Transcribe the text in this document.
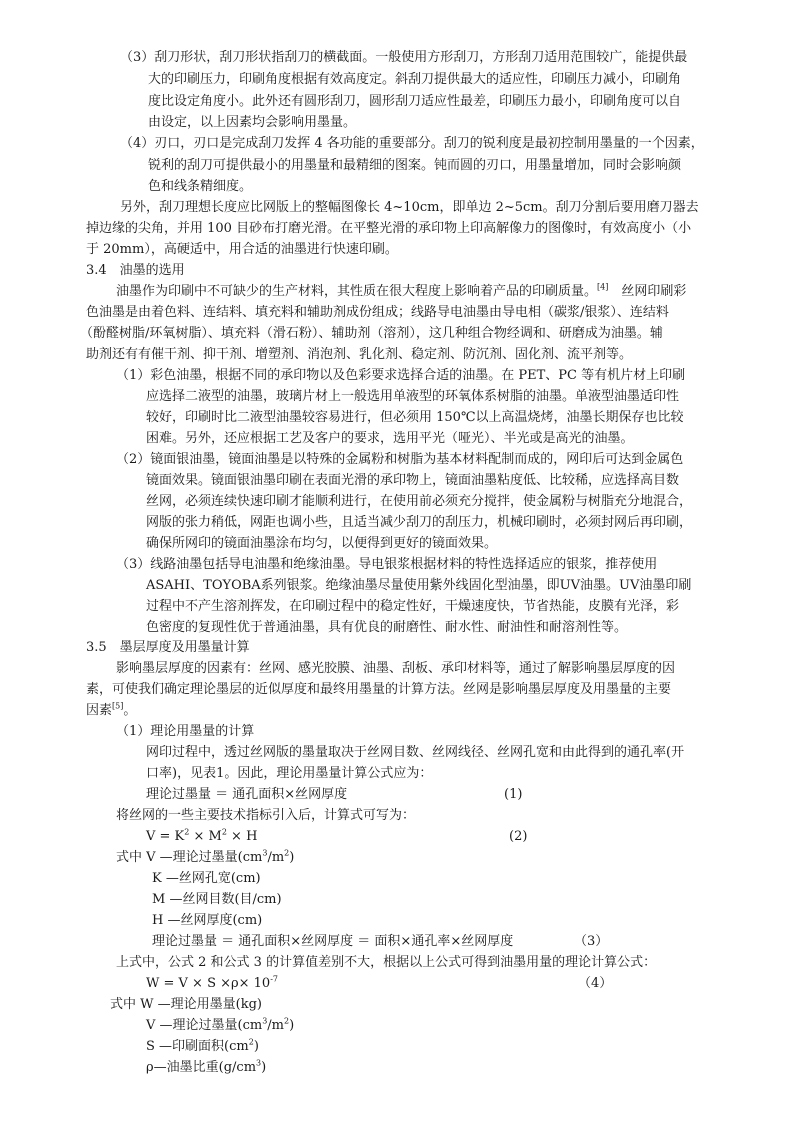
（3）刮刀形状，刮刀形状指刮刀的横截面。一般使用方形刮刀，方形刮刀适用范围较广，能提供最
大的印刷压力，印刷角度根据有效高度定。斜刮刀提供最大的适应性，印刷压力减小，印刷角
度比设定角度小。此外还有圆形刮刀，圆形刮刀适应性最差，印刷压力最小，印刷角度可以自
由设定，以上因素均会影响用墨量。
（4）刃口，刃口是完成刮刀发挥 4 各功能的重要部分。刮刀的锐利度是最初控制用墨量的一个因素，
锐利的刮刀可提供最小的用墨量和最精细的图案。钝而圆的刃口，用墨量增加，同时会影响颜
色和线条精细度。
另外，刮刀理想长度应比网版上的整幅图像长 4~10cm，即单边 2~5cm。刮刀分割后要用磨刀器去
掉边缘的尖角，并用 100 目砂布打磨光滑。在平整光滑的承印物上印高解像力的图像时，有效高度小（小
于 20mm），高硬适中，用合适的油墨进行快速印刷。
3.4　油墨的选用
油墨作为印刷中不可缺少的生产材料，其性质在很大程度上影响着产品的印刷质量。[4]　丝网印刷彩
色油墨是由着色料、连结料、填充料和辅助剂成份组成；线路导电油墨由导电相（碳浆/银浆）、连结料
（酚醛树脂/环氧树脂）、填充料（滑石粉）、辅助剂（溶剂），这几种组合物经调和、研磨成为油墨。辅
助剂还有有催干剂、抑干剂、增塑剂、消泡剂、乳化剂、稳定剂、防沉剂、固化剂、流平剂等。
（1）彩色油墨，根据不同的承印物以及色彩要求选择合适的油墨。在 PET、PC 等有机片材上印刷
应选择二液型的油墨，玻璃片材上一般选用单液型的环氧体系树脂的油墨。单液型油墨适印性
较好，印刷时比二液型油墨较容易进行，但必须用 150℃以上高温烧烤，油墨长期保存也比较
困难。另外，还应根据工艺及客户的要求，选用平光（哑光）、半光或是高光的油墨。
（2）镜面银油墨，镜面油墨是以特殊的金属粉和树脂为基本材料配制而成的，网印后可达到金属色
镜面效果。镜面银油墨印刷在表面光滑的承印物上，镜面油墨粘度低、比较稀，应选择高目数
丝网，必须连续快速印刷才能顺利进行，在使用前必须充分搅拌，使金属粉与树脂充分地混合，
网版的张力稍低，网距也调小些，且适当减少刮刀的刮压力，机械印刷时，必须封网后再印刷，
确保所网印的镜面油墨涂布均匀，以便得到更好的镜面效果。
（3）线路油墨包括导电油墨和绝缘油墨。导电银浆根据材料的特性选择适应的银浆，推荐使用
ASAHI、TOYOBA系列银浆。绝缘油墨尽量使用紫外线固化型油墨，即UV油墨。UV油墨印刷
过程中不产生溶剂挥发，在印刷过程中的稳定性好，干燥速度快，节省热能，皮膜有光泽，彩
色密度的复现性优于普通油墨，具有优良的耐磨性、耐水性、耐油性和耐溶剂性等。
3.5　墨层厚度及用墨量计算
影响墨层厚度的因素有：丝网、感光胶膜、油墨、刮板、承印材料等，通过了解影响墨层厚度的因
素，可使我们确定理论墨层的近似厚度和最终用墨量的计算方法。丝网是影响墨层厚度及用墨量的主要
因素[5]。
（1）理论用墨量的计算
网印过程中，透过丝网版的墨量取决于丝网目数、丝网线径、丝网孔宽和由此得到的通孔率(开
口率)，见表1。因此，理论用墨量计算公式应为：
理论过墨量 ＝ 通孔面积×丝网厚度	(1)
将丝网的一些主要技术指标引入后，计算式可写为：
$V = K^2 \times M^2 \times H$	(2)
式中 V —理论过墨量$(cm^3/m^2)$
K —丝网孔宽(cm)
M —丝网目数(目/cm)
H —丝网厚度(cm)
理论过墨量 ＝ 通孔面积×丝网厚度 ＝ 面积×通孔率×丝网厚度	（3）
上式中，公式 2 和公式 3 的计算值差别不大，根据以上公式可得到油墨用量的理论计算公式：
$W = V \times S \times\rho\times 10^{-7}$	（4）
式中 W —理论用墨量(kg)
V —理论过墨量$(cm^3/m^2)$
S —印刷面积$(cm^2)$
ρ—油墨比重$(g/cm^3)$
